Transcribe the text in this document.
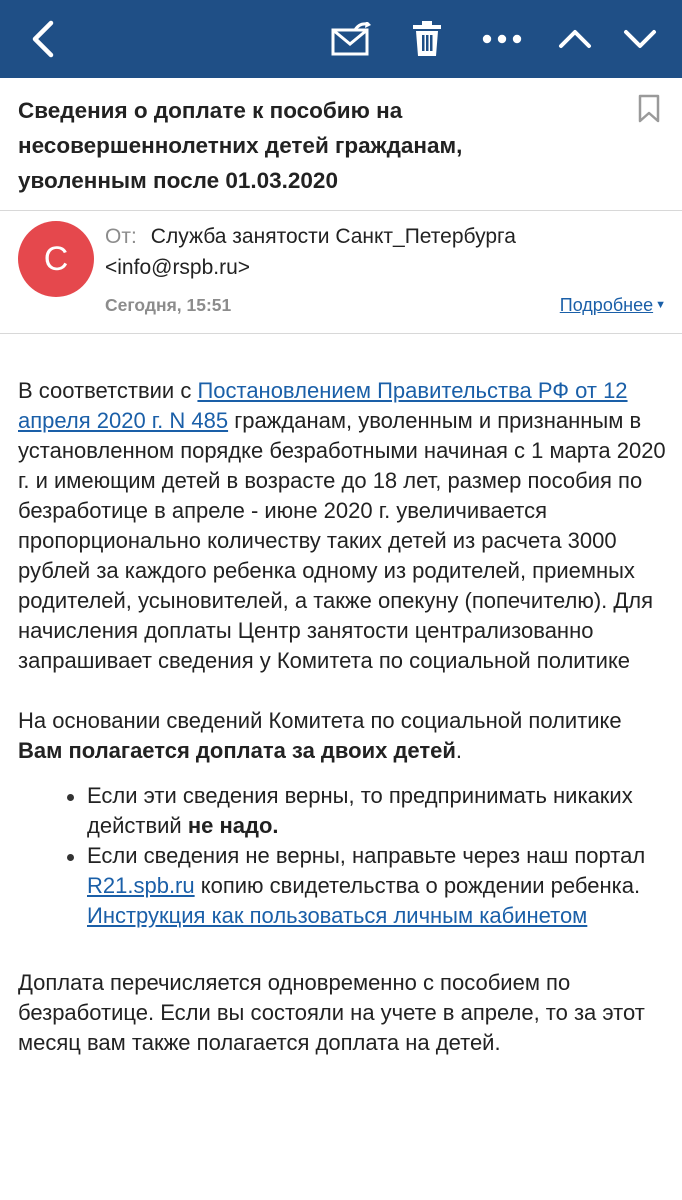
Сведения о доплате к пособию на несовершеннолетних детей гражданам, уволенным после 01.03.2020
С
От: Служба занятости Санкт_Петербурга
<info@rspb.ru>
Сегодня, 15:51	Подробнее ▼

В соответствии с Постановлением Правительства РФ от 12 апреля 2020 г. N 485 гражданам, уволенным и признанным в установленном порядке безработными начиная с 1 марта 2020 г. и имеющим детей в возрасте до 18 лет, размер пособия по безработице в апреле - июне 2020 г. увеличивается пропорционально количеству таких детей из расчета 3000 рублей за каждого ребенка одному из родителей, приемных родителей, усыновителей, а также опекуну (попечителю). Для начисления доплаты Центр занятости централизованно запрашивает сведения у Комитета по социальной политике

На основании сведений Комитета по социальной политике Вам полагается доплата за двоих детей.

Если эти сведения верны, то предпринимать никаких действий не надо.
Если сведения не верны, направьте через наш портал R21.spb.ru копию свидетельства о рождении ребенка. Инструкция как пользоваться личным кабинетом

Доплата перечисляется одновременно с пособием по безработице. Если вы состояли на учете в апреле, то за этот месяц вам также полагается доплата на детей.
